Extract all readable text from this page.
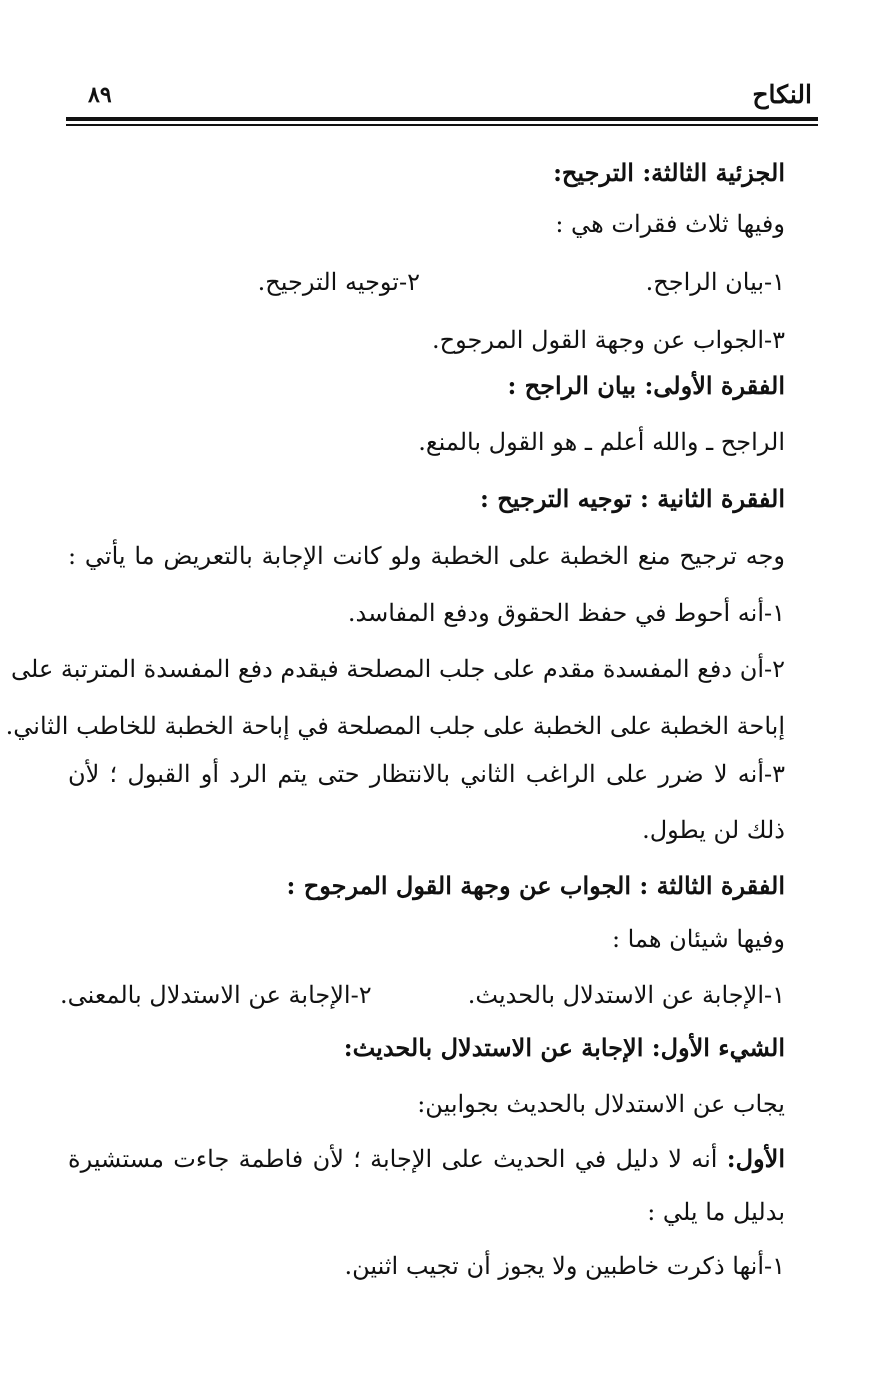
النكاح
٨٩
الجزئية الثالثة: الترجيح:
وفيها ثلاث فقرات هي :
١-بيان الراجح.
٢-توجيه الترجيح.
٣-الجواب عن وجهة القول المرجوح.
الفقرة الأولى: بيان الراجح :
الراجح ـ والله أعلم ـ هو القول بالمنع.
الفقرة الثانية : توجيه الترجيح :
وجه ترجيح منع الخطبة على الخطبة ولو كانت الإجابة بالتعريض ما يأتي :
١-أنه أحوط في حفظ الحقوق ودفع المفاسد.
٢-أن دفع المفسدة مقدم على جلب المصلحة فيقدم دفع المفسدة المترتبة على
إباحة الخطبة على الخطبة على جلب المصلحة في إباحة الخطبة للخاطب الثاني.
٣-أنه لا ضرر على الراغب الثاني بالانتظار حتى يتم الرد أو القبول ؛ لأن
ذلك لن يطول.
الفقرة الثالثة : الجواب عن وجهة القول المرجوح :
وفيها شيئان هما :
١-الإجابة عن الاستدلال بالحديث.
٢-الإجابة عن الاستدلال بالمعنى.
الشيء الأول: الإجابة عن الاستدلال بالحديث:
يجاب عن الاستدلال بالحديث بجوابين:
الأول: أنه لا دليل في الحديث على الإجابة ؛ لأن فاطمة جاءت مستشيرة
بدليل ما يلي :
١-أنها ذكرت خاطبين ولا يجوز أن تجيب اثنين.
